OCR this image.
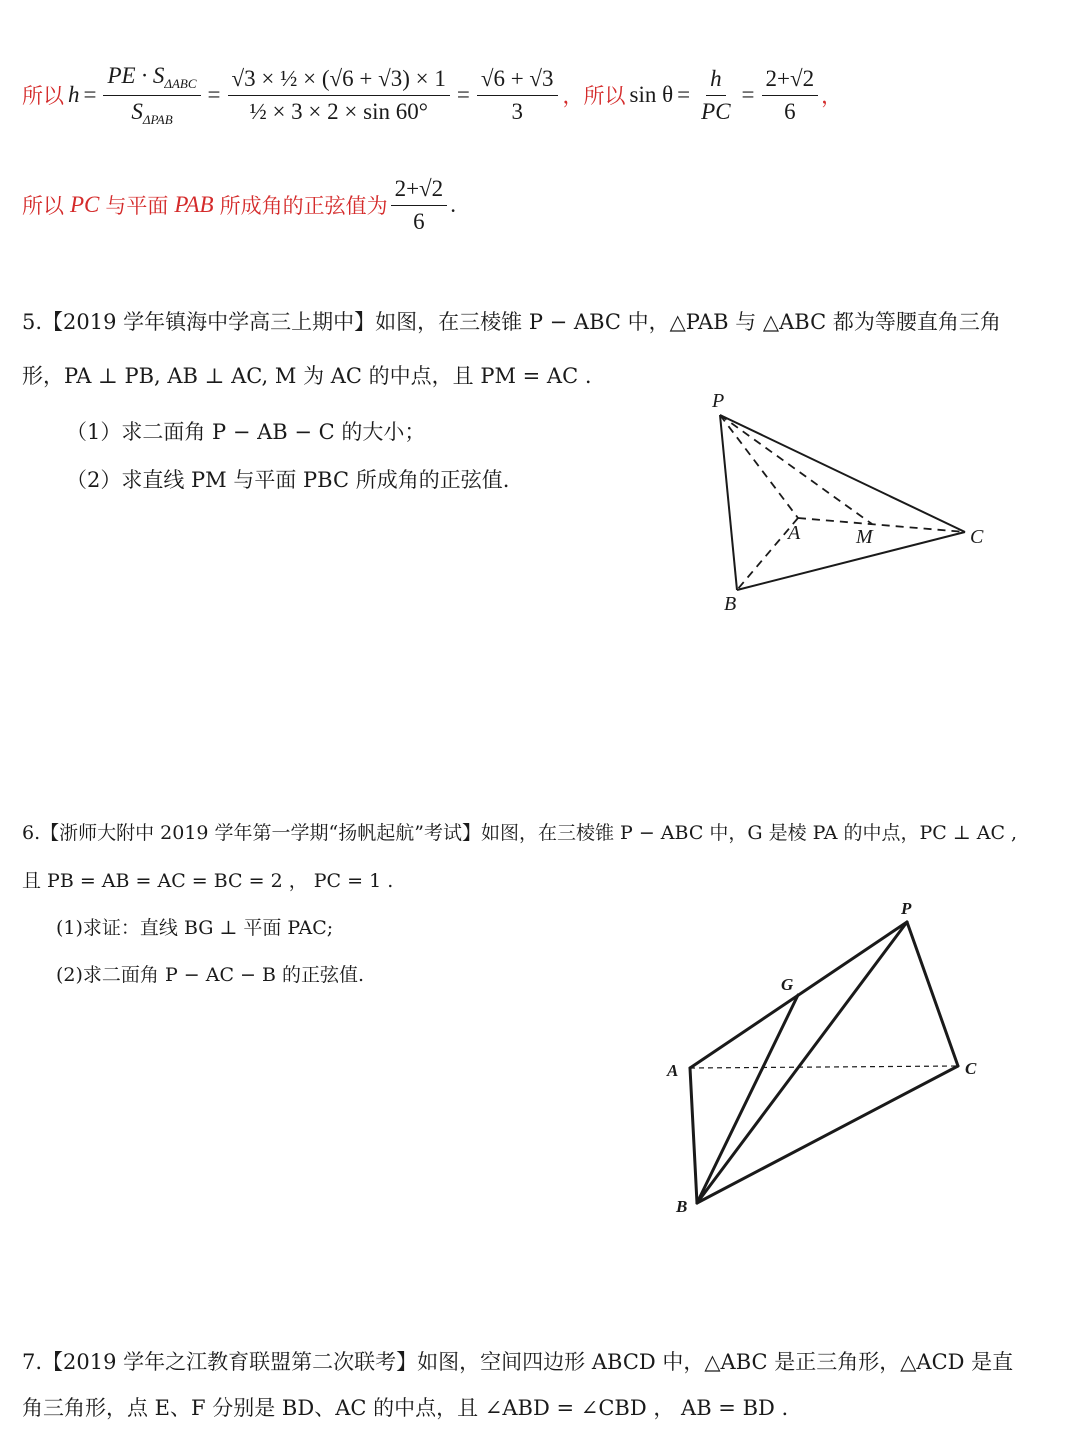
所以 $h = \frac{PE \cdot S_{\Delta ABC}}{S_{\Delta PAB}} = \frac{\text{√3 × ½ × (√6 + √3) × 1}}{\text{½ × 3 × 2 × sin 60°}} = \frac{√6 + √3}{3}$ ，所以 $\sin \theta = \frac{h}{PC} = \frac{2+√2}{6}$ ，
所以 PC 与平面 PAB 所成角的正弦值为 $\frac{2+√2}{6}$ .
5.【2019 学年镇海中学高三上期中】如图，在三棱锥 P − ABC 中，△PAB 与 △ABC 都为等腰直角三角
形，PA ⊥ PB, AB ⊥ AC, M 为 AC 的中点，且 PM = AC .
（1）求二面角 P − AB − C 的大小；
（2）求直线 PM 与平面 PBC 所成角的正弦值.
P
A	M	C
B
6.【浙师大附中 2019 学年第一学期“扬帆起航”考试】如图，在三棱锥 P − ABC 中，G 是棱 PA 的中点，PC ⊥ AC ,
且 PB = AB = AC = BC = 2 ， PC = 1 .
(1)求证：直线 BG ⊥ 平面 PAC;
(2)求二面角 P − AC − B 的正弦值.
P
G
A	C
B
7.【2019 学年之江教育联盟第二次联考】如图，空间四边形 ABCD 中，△ABC 是正三角形，△ACD 是直
角三角形，点 E、F 分别是 BD、AC 的中点，且 ∠ABD = ∠CBD ， AB = BD .
